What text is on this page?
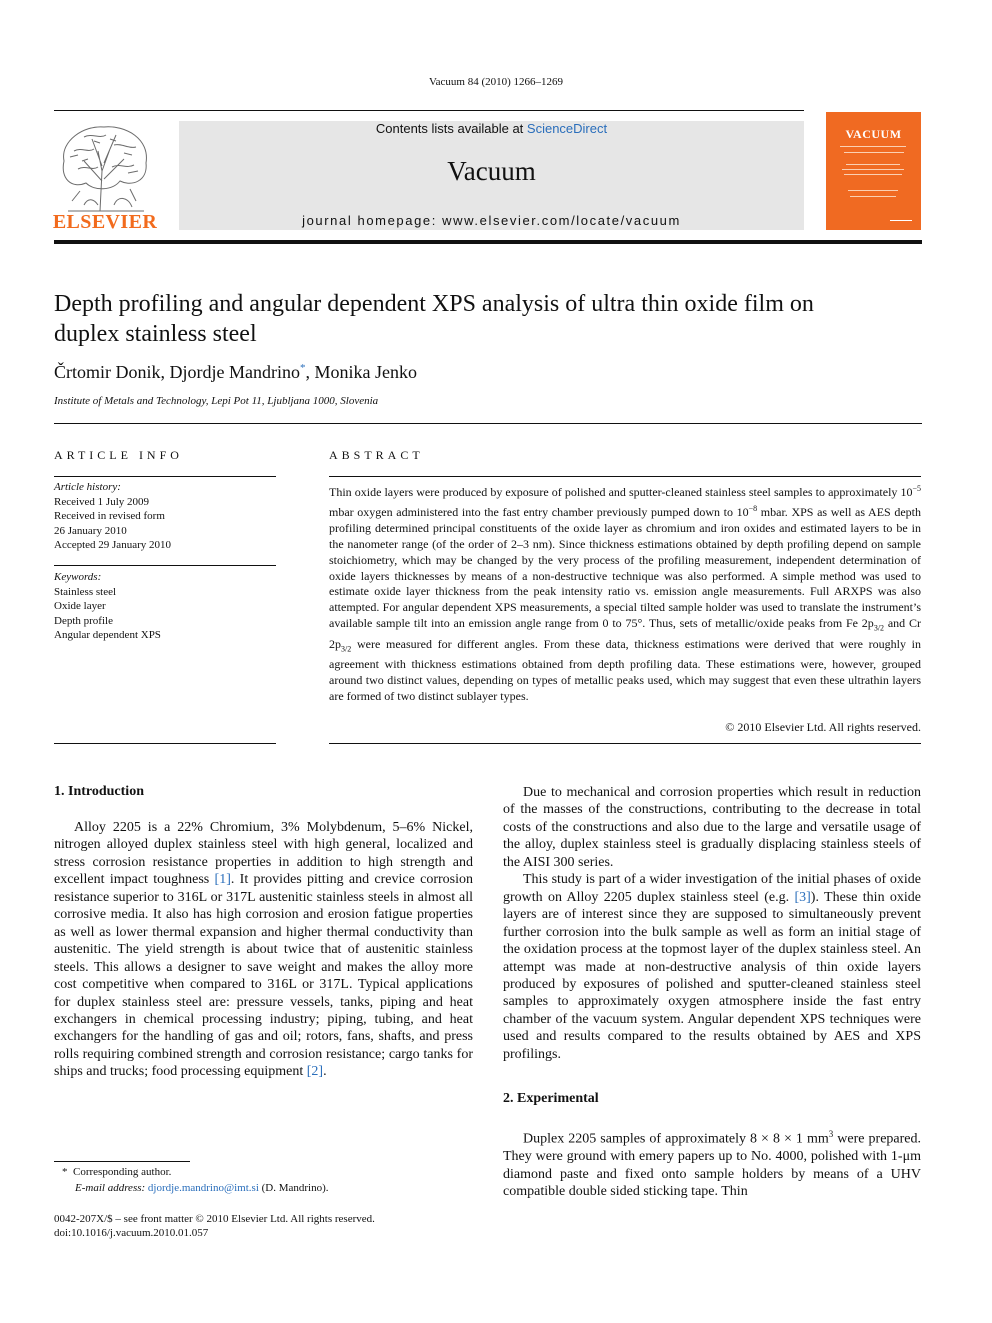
Vacuum 84 (2010) 1266–1269
Contents lists available at ScienceDirect
Vacuum
journal homepage: www.elsevier.com/locate/vacuum
ELSEVIER
VACUUM
Depth profiling and angular dependent XPS analysis of ultra thin oxide film on
duplex stainless steel
Črtomir Donik, Djordje Mandrino*, Monika Jenko
Institute of Metals and Technology, Lepi Pot 11, Ljubljana 1000, Slovenia
ARTICLE INFO
Article history:
Received 1 July 2009
Received in revised form
26 January 2010
Accepted 29 January 2010
Keywords:
Stainless steel
Oxide layer
Depth profile
Angular dependent XPS
ABSTRACT
Thin oxide layers were produced by exposure of polished and sputter-cleaned stainless steel samples to approximately $10^{-5}$ mbar oxygen administered into the fast entry chamber previously pumped down to $10^{-8}$ mbar. XPS as well as AES depth profiling determined principal constituents of the oxide layer as chromium and iron oxides and estimated layers to be in the nanometer range (of the order of 2–3 nm). Since thickness estimations obtained by depth profiling depend on sample stoichiometry, which may be changed by the very process of the profiling measurement, independent determination of oxide layers thicknesses by means of a non-destructive technique was also performed. A simple method was used to estimate oxide layer thickness from the peak intensity ratio vs. emission angle measurements. Full ARXPS was also attempted. For angular dependent XPS measurements, a special tilted sample holder was used to translate the instrument’s available sample tilt into an emission angle range from 0 to 75°. Thus, sets of metallic/oxide peaks from Fe $2p_{3/2}$ and Cr $2p_{3/2}$ were measured for different angles. From these data, thickness estimations were derived that were roughly in agreement with thickness estimations obtained from depth profiling data. These estimations were, however, grouped around two distinct values, depending on types of metallic peaks used, which may suggest that even these ultrathin layers are formed of two distinct sublayer types.
© 2010 Elsevier Ltd. All rights reserved.
1. Introduction

Alloy 2205 is a 22% Chromium, 3% Molybdenum, 5–6% Nickel, nitrogen alloyed duplex stainless steel with high general, localized and stress corrosion resistance properties in addition to high strength and excellent impact toughness [1]. It provides pitting and crevice corrosion resistance superior to 316L or 317L austenitic stainless steels in almost all corrosive media. It also has high corrosion and erosion fatigue properties as well as lower thermal expansion and higher thermal conductivity than austenitic. The yield strength is about twice that of austenitic stainless steels. This allows a designer to save weight and makes the alloy more cost competitive when compared to 316L or 317L. Typical applications for duplex stainless steel are: pressure vessels, tanks, piping and heat exchangers in chemical processing industry; piping, tubing, and heat exchangers for the handling of gas and oil; rotors, fans, shafts, and press rolls requiring combined strength and corrosion resistance; cargo tanks for ships and trucks; food processing equipment [2].

*  Corresponding author.
E-mail address: djordje.mandrino@imt.si (D. Mandrino).
0042-207X/$ – see front matter © 2010 Elsevier Ltd. All rights reserved.
doi:10.1016/j.vacuum.2010.01.057

Due to mechanical and corrosion properties which result in reduction of the masses of the constructions, contributing to the decrease in total costs of the constructions and also due to the large and versatile usage of the alloy, duplex stainless steel is gradually displacing stainless steels of the AISI 300 series.

This study is part of a wider investigation of the initial phases of oxide growth on Alloy 2205 duplex stainless steel (e.g. [3]). These thin oxide layers are of interest since they are supposed to simultaneously prevent further corrosion into the bulk sample as well as form an initial stage of the oxidation process at the topmost layer of the duplex stainless steel. An attempt was made at non-destructive analysis of thin oxide layers produced by exposures of polished and sputter-cleaned stainless steel samples to approximately oxygen atmosphere inside the fast entry chamber of the vacuum system. Angular dependent XPS techniques were used and results compared to the results obtained by AES and XPS profilings.

2. Experimental

Duplex 2205 samples of approximately 8 × 8 × 1 $mm^3$ were prepared. They were ground with emery papers up to No. 4000, polished with 1-μm diamond paste and fixed onto sample holders by means of a UHV compatible double sided sticking tape. Thin
